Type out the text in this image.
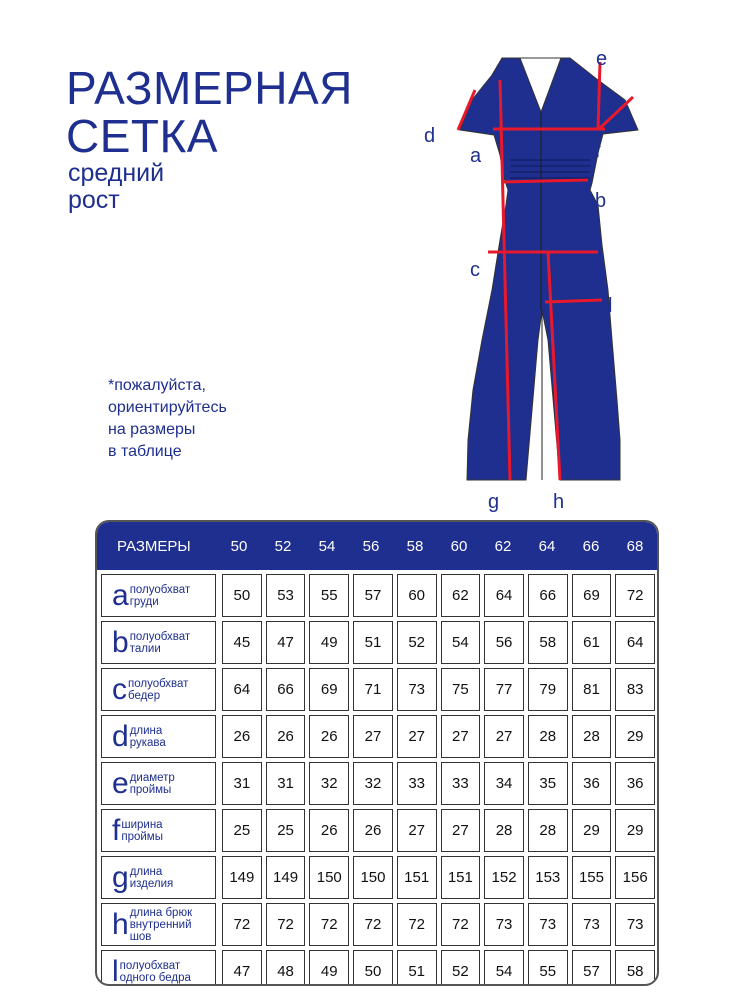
РАЗМЕРНАЯ
СЕТКА
средний
рост
*пожалуйста,
ориентируйтесь
на размеры
в таблице
e
d
a	f
b
c
l
g	h
РАЗМЕРЫ	50	52	54	56	58	60	62	64	66	68
a полуобхват
груди	50	53	55	57	60	62	64	66	69	72
b полуобхват
талии	45	47	49	51	52	54	56	58	61	64
c полуобхват
бедер	64	66	69	71	73	75	77	79	81	83
d длина
рукава	26	26	26	27	27	27	27	28	28	29
e диаметр
проймы	31	31	32	32	33	33	34	35	36	36
f ширина
проймы	25	25	26	26	27	27	28	28	29	29
g длина
изделия	149	149	150	150	151	151	152	153	155	156
h длина брюк
внутренний шов
72	72	72	72	72	72	73	73	73	73
l полуобхват
одного бедра	47	48	49	50	51	52	54	55	57	58
